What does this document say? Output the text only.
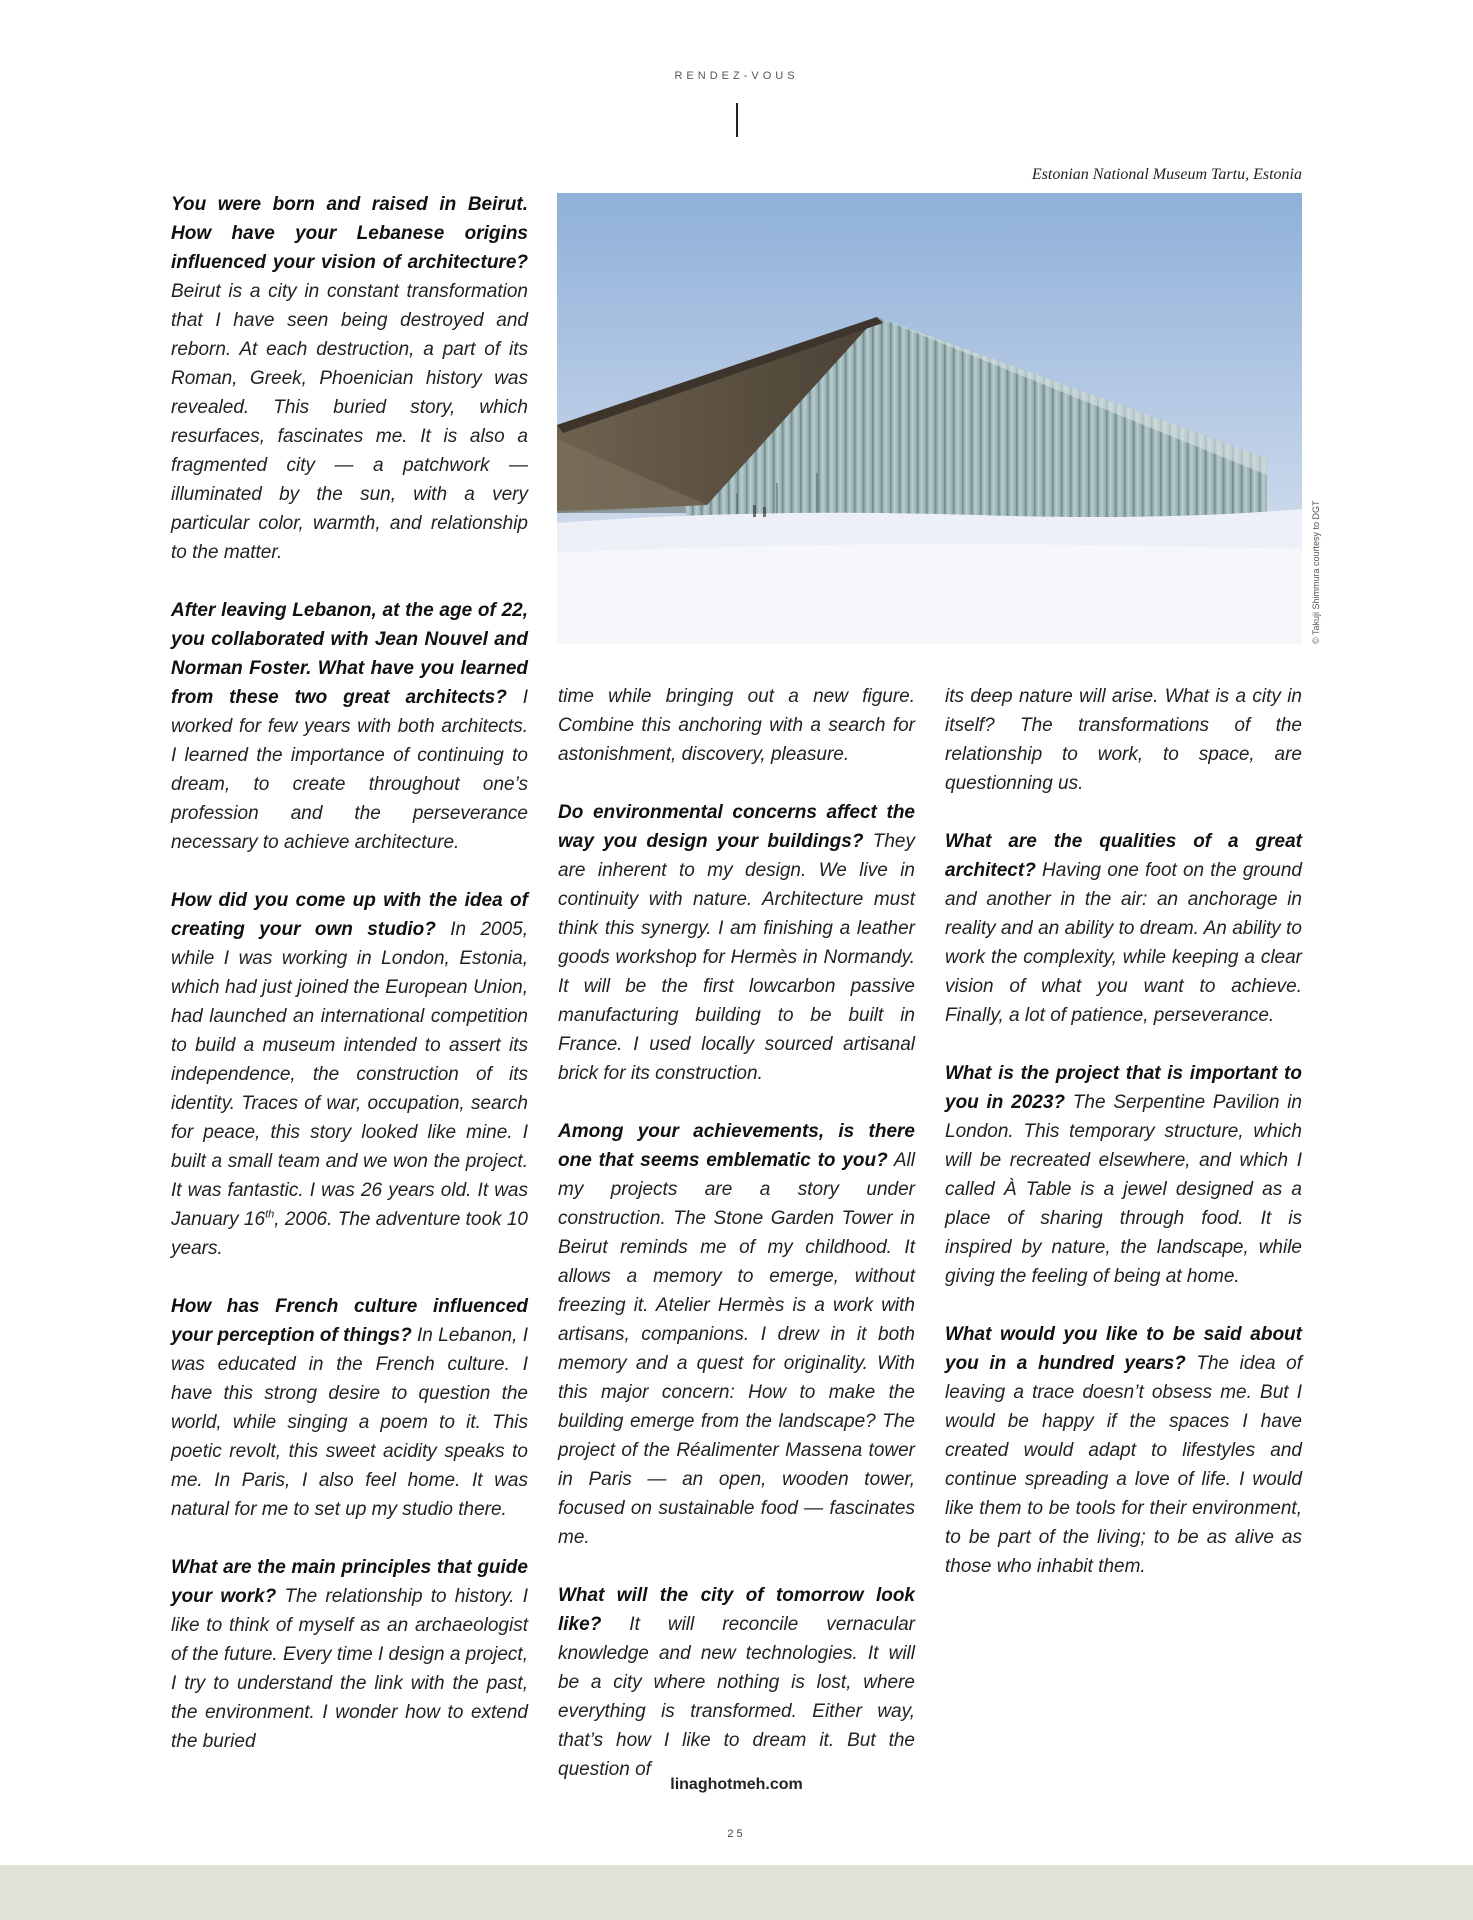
RENDEZ-VOUS
Estonian National Museum Tartu, Estonia
© Takuji Shimmura courtesy to DGT

You were born and raised in Beirut. How have your Lebanese origins influenced your vision of architecture? Beirut is a city in constant transformation that I have seen being destroyed and reborn. At each destruction, a part of its Roman, Greek, Phoenician history was revealed. This buried story, which resurfaces, fascinates me. It is also a fragmented city — a patchwork — illuminated by the sun, with a very particular color, warmth, and relationship to the matter.

After leaving Lebanon, at the age of 22, you collaborated with Jean Nouvel and Norman Foster. What have you learned from these two great architects? I worked for few years with both architects. I learned the importance of continuing to dream, to create throughout one’s profession and the perseverance necessary to achieve architecture.

How did you come up with the idea of creating your own studio? In 2005, while I was working in London, Estonia, which had just joined the European Union, had launched an international competition to build a museum intended to assert its independence, the construction of its identity. Traces of war, occupation, search for peace, this story looked like mine. I built a small team and we won the project. It was fantastic. I was 26 years old. It was January 16th, 2006. The adventure took 10 years.

How has French culture influenced your perception of things? In Lebanon, I was educated in the French culture. I have this strong desire to question the world, while singing a poem to it. This poetic revolt, this sweet acidity speaks to me. In Paris, I also feel home. It was natural for me to set up my studio there.

What are the main principles that guide your work? The relationship to history. I like to think of myself as an archaeologist of the future. Every time I design a project, I try to understand the link with the past, the environment. I wonder how to extend the buried

time while bringing out a new figure. Combine this anchoring with a search for astonishment, discovery, pleasure.

Do environmental concerns affect the way you design your buildings? They are inherent to my design. We live in continuity with nature. Architecture must think this synergy. I am finishing a leather goods workshop for Hermès in Normandy. It will be the first lowcarbon passive manufacturing building to be built in France. I used locally sourced artisanal brick for its construction.

Among your achievements, is there one that seems emblematic to you? All my projects are a story under construction. The Stone Garden Tower in Beirut reminds me of my childhood. It allows a memory to emerge, without freezing it. Atelier Hermès is a work with artisans, companions. I drew in it both memory and a quest for originality. With this major concern: How to make the building emerge from the landscape? The project of the Réalimenter Massena tower in Paris — an open, wooden tower, focused on sustainable food — fascinates me.

What will the city of tomorrow look like? It will reconcile vernacular knowledge and new technologies. It will be a city where nothing is lost, where everything is transformed. Either way, that’s how I like to dream it. But the question of

its deep nature will arise. What is a city in itself? The transformations of the relationship to work, to space, are questionning us.

What are the qualities of a great architect? Having one foot on the ground and another in the air: an anchorage in reality and an ability to dream. An ability to work the complexity, while keeping a clear vision of what you want to achieve. Finally, a lot of patience, perseverance.

What is the project that is important to you in 2023? The Serpentine Pavilion in London. This temporary structure, which will be recreated elsewhere, and which I called À Table is a jewel designed as a place of sharing through food. It is inspired by nature, the landscape, while giving the feeling of being at home.

What would you like to be said about you in a hundred years? The idea of leaving a trace doesn’t obsess me. But I would be happy if the spaces I have created would adapt to lifestyles and continue spreading a love of life. I would like them to be tools for their environment, to be part of the living; to be as alive as those who inhabit them.

linaghotmeh.com
25
